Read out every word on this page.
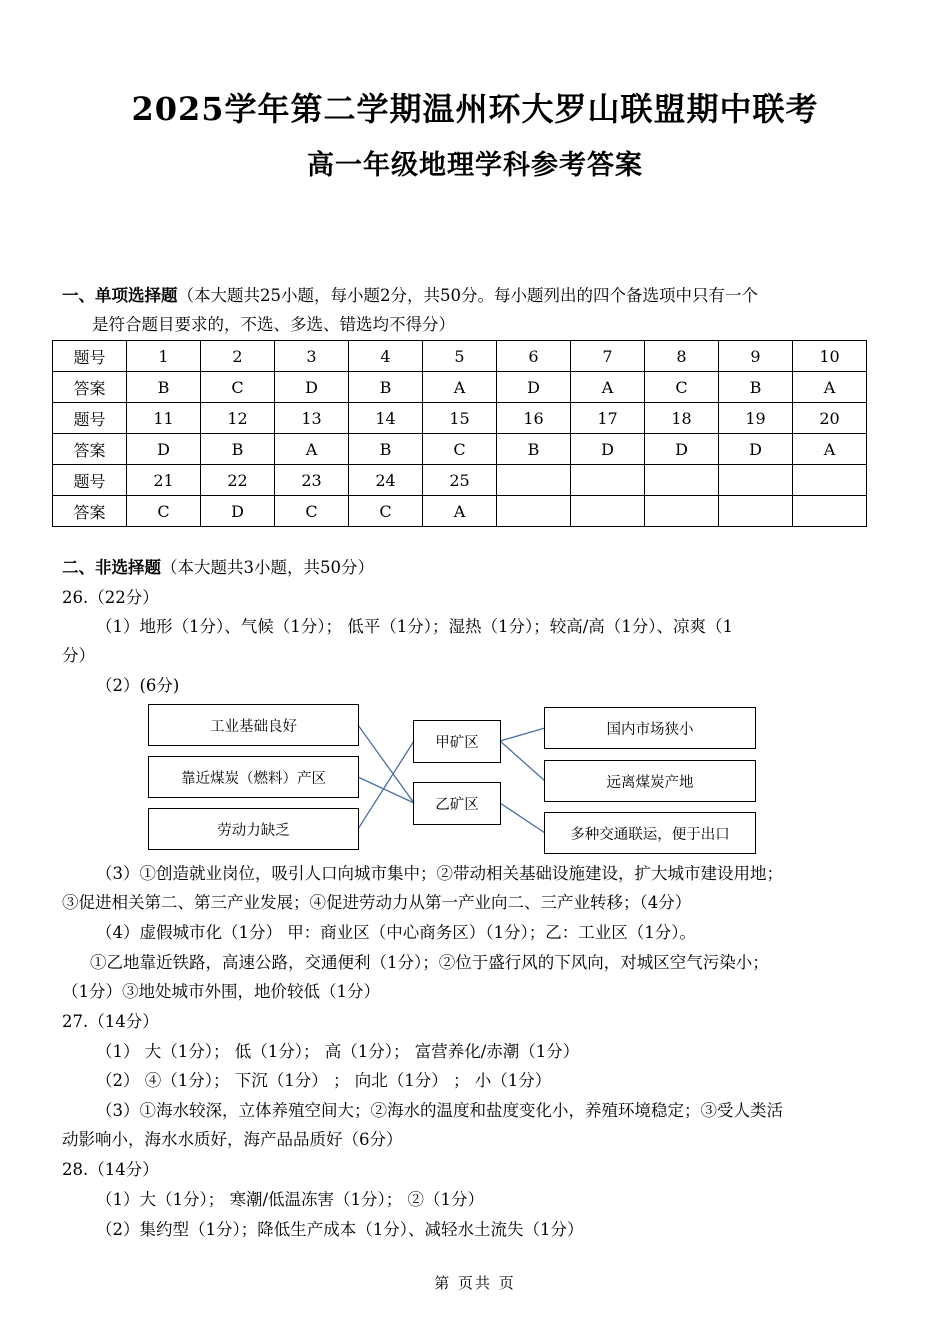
2025学年第二学期温州环大罗山联盟期中联考
高一年级地理学科参考答案
一、单项选择题（本大题共25小题，每小题2分，共50分。每小题列出的四个备选项中只有一个
是符合题目要求的，不选、多选、错选均不得分）
题号	1	2	3	4	5	6	7	8	9	10
答案	B	C	D	B	A	D	A	C	B	A
题号	11	12	13	14	15	16	17	18	19	20
答案	D	B	A	B	C	B	D	D	D	A
题号	21	22	23	24	25					
答案	C	D	C	C	A					
二、非选择题（本大题共3小题，共50分）
26.（22分）
（1）地形（1分）、气候（1分）； 低平（1分）；湿热（1分）；较高/高（1分）、凉爽（1
分）
（2）(6分)
工业基础良好
靠近煤炭（燃料）产区
劳动力缺乏
甲矿区
乙矿区
国内市场狭小
远离煤炭产地
多种交通联运，便于出口
（3）①创造就业岗位，吸引人口向城市集中；②带动相关基础设施建设，扩大城市建设用地；
③促进相关第二、第三产业发展；④促进劳动力从第一产业向二、三产业转移；（4分）
（4）虚假城市化（1分） 甲：商业区（中心商务区）（1分）；乙：工业区（1分）。
①乙地靠近铁路，高速公路，交通便利（1分）；②位于盛行风的下风向，对城区空气污染小；
（1分）③地处城市外围，地价较低（1分）
27.（14分）
（1） 大（1分）； 低（1分）； 高（1分）； 富营养化/赤潮（1分）
（2） ④（1分）； 下沉（1分） ； 向北（1分） ； 小（1分）
（3）①海水较深，立体养殖空间大；②海水的温度和盐度变化小，养殖环境稳定；③受人类活
动影响小，海水水质好，海产品品质好（6分）
28.（14分）
（1）大（1分）； 寒潮/低温冻害（1分）； ②（1分）
（2）集约型（1分）；降低生产成本（1分）、减轻水土流失（1分）
第 页共 页
